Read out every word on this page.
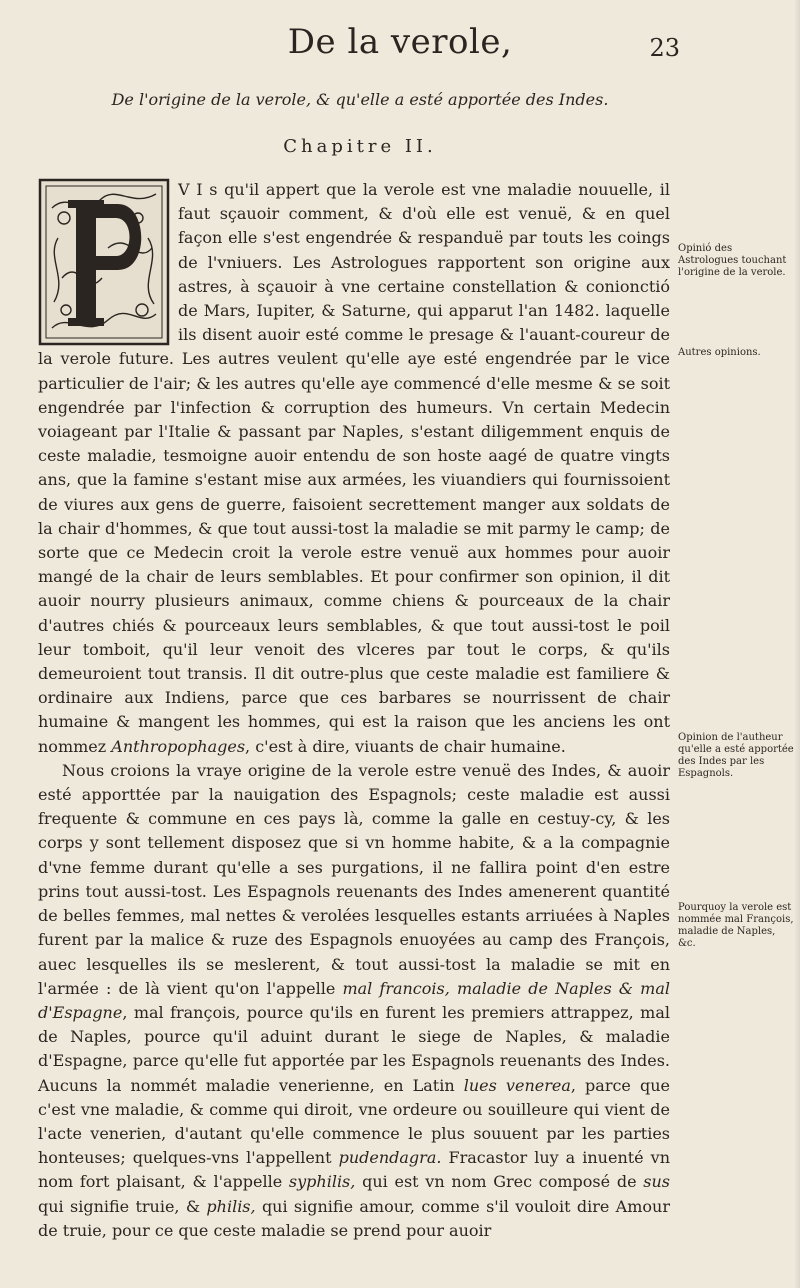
De la verole,	23
De l'origine de la verole, & qu'elle a esté apportée des Indes.
Chapitre II.

V I s qu'il appert que la verole est vne maladie nouuelle, il faut sçauoir comment, & d'où elle est venuë, & en quel façon elle s'est engendrée & respanduë par touts les coings de l'vniuers. Les Astrologues rapportent son origine aux astres, à sçauoir à vne certaine constellation & conionctió de Mars, Iupiter, & Saturne, qui apparut l'an 1482. laquelle ils disent auoir esté comme le presage & l'auant-coureur de la verole future. Les autres veulent qu'elle aye esté engendrée par le vice particulier de l'air; & les autres qu'elle aye commencé d'elle mesme & se soit engendrée par l'infection & corruption des humeurs. Vn certain Medecin voiageant par l'Italie & passant par Naples, s'estant diligemment enquis de ceste maladie, tesmoigne auoir entendu de son hoste aagé de quatre vingts ans, que la famine s'estant mise aux armées, les viuandiers qui fournissoient de viures aux gens de guerre, faisoient secrettement manger aux soldats de la chair d'hommes, & que tout aussi-tost la maladie se mit parmy le camp; de sorte que ce Medecin croit la verole estre venuë aux hommes pour auoir mangé de la chair de leurs semblables. Et pour confirmer son opinion, il dit auoir nourry plusieurs animaux, comme chiens & pourceaux de la chair d'autres chiés & pourceaux leurs semblables, & que tout aussi-tost le poil leur tomboit, qu'il leur venoit des vlceres par tout le corps, & qu'ils demeuroient tout transis. Il dit outre-plus que ceste maladie est familiere & ordinaire aux Indiens, parce que ces barbares se nourrissent de chair humaine & mangent les hommes, qui est la raison que les anciens les ont nommez Anthropophages, c'est à dire, viuants de chair humaine.

Nous croions la vraye origine de la verole estre venuë des Indes, & auoir esté apporttée par la nauigation des Espagnols; ceste maladie est aussi frequente & commune en ces pays là, comme la galle en cestuy-cy, & les corps y sont tellement disposez que si vn homme habite, & a la compagnie d'vne femme durant qu'elle a ses purgations, il ne fallira point d'en estre prins tout aussi-tost. Les Espagnols reuenants des Indes amenerent quantité de belles femmes, mal nettes & verolées lesquelles estants arriuées à Naples furent par la malice & ruze des Espagnols enuoyées au camp des François, auec lesquelles ils se meslerent, & tout aussi-tost la maladie se mit en l'armée : de là vient qu'on l'appelle mal francois, maladie de Naples & mal d'Espagne, mal françois, pource qu'ils en furent les premiers attrappez, mal de Naples, pource qu'il aduint durant le siege de Naples, & maladie d'Espagne, parce qu'elle fut apportée par les Espagnols reuenants des Indes. Aucuns la nommét maladie venerienne, en Latin lues venerea, parce que c'est vne maladie, & comme qui diroit, vne ordeure ou souilleure qui vient de l'acte venerien, d'autant qu'elle commence le plus souuent par les parties honteuses; quelques-vns l'appellent pudendagra. Fracastor luy a inuenté vn nom fort plaisant, & l'appelle syphilis, qui est vn nom Grec composé de sus qui signifie truie, & philis, qui signifie amour, comme s'il vouloit dire Amour de truie, pour ce que ceste maladie se prend pour auoir

Opinió des Astrologues touchant l'origine de la verole.
Autres opinions.
Opinion de l'autheur qu'elle a esté apportée des Indes par les Espagnols.
Pourquoy la verole est nommée mal François, maladie de Naples, &c.
